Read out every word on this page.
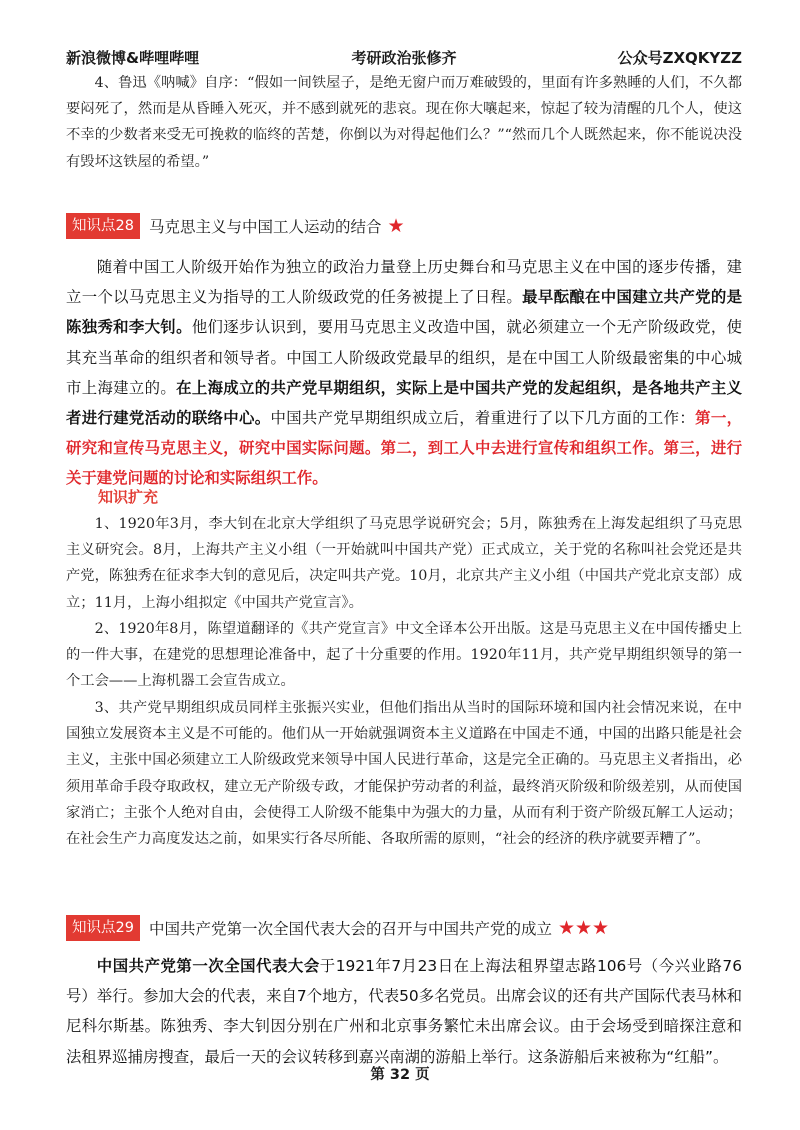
新浪微博&哔哩哔哩	考研政治张修齐	公众号ZXQKYZZ

4、鲁迅《呐喊》自序：“假如一间铁屋子，是绝无窗户而万难破毁的，里面有许多熟睡的人们，不久都要闷死了，然而是从昏睡入死灭，并不感到就死的悲哀。现在你大嚷起来，惊起了较为清醒的几个人，使这不幸的少数者来受无可挽救的临终的苦楚，你倒以为对得起他们么？”“然而几个人既然起来，你不能说决没有毁坏这铁屋的希望。”

知识点28 马克思主义与中国工人运动的结合 ★

随着中国工人阶级开始作为独立的政治力量登上历史舞台和马克思主义在中国的逐步传播，建立一个以马克思主义为指导的工人阶级政党的任务被提上了日程。最早酝酿在中国建立共产党的是陈独秀和李大钊。他们逐步认识到，要用马克思主义改造中国，就必须建立一个无产阶级政党，使其充当革命的组织者和领导者。中国工人阶级政党最早的组织，是在中国工人阶级最密集的中心城市上海建立的。在上海成立的共产党早期组织，实际上是中国共产党的发起组织，是各地共产主义者进行建党活动的联络中心。中国共产党早期组织成立后，着重进行了以下几方面的工作：第一，研究和宣传马克思主义，研究中国实际问题。第二，到工人中去进行宣传和组织工作。第三，进行关于建党问题的讨论和实际组织工作。

知识扩充

1、1920年3月，李大钊在北京大学组织了马克思学说研究会；5月，陈独秀在上海发起组织了马克思主义研究会。8月，上海共产主义小组（一开始就叫中国共产党）正式成立，关于党的名称叫社会党还是共产党，陈独秀在征求李大钊的意见后，决定叫共产党。10月，北京共产主义小组（中国共产党北京支部）成立；11月，上海小组拟定《中国共产党宣言》。

2、1920年8月，陈望道翻译的《共产党宣言》中文全译本公开出版。这是马克思主义在中国传播史上的一件大事，在建党的思想理论准备中，起了十分重要的作用。1920年11月，共产党早期组织领导的第一个工会——上海机器工会宣告成立。

3、共产党早期组织成员同样主张振兴实业，但他们指出从当时的国际环境和国内社会情况来说，在中国独立发展资本主义是不可能的。他们从一开始就强调资本主义道路在中国走不通，中国的出路只能是社会主义，主张中国必须建立工人阶级政党来领导中国人民进行革命，这是完全正确的。马克思主义者指出，必须用革命手段夺取政权，建立无产阶级专政，才能保护劳动者的利益，最终消灭阶级和阶级差别，从而使国家消亡；主张个人绝对自由，会使得工人阶级不能集中为强大的力量，从而有利于资产阶级瓦解工人运动；在社会生产力高度发达之前，如果实行各尽所能、各取所需的原则，“社会的经济的秩序就要弄糟了”。

知识点29 中国共产党第一次全国代表大会的召开与中国共产党的成立 ★★★

中国共产党第一次全国代表大会于1921年7月23日在上海法租界望志路106号（今兴业路76号）举行。参加大会的代表，来自7个地方，代表50多名党员。出席会议的还有共产国际代表马林和尼科尔斯基。陈独秀、李大钊因分别在广州和北京事务繁忙未出席会议。由于会场受到暗探注意和法租界巡捕房搜查，最后一天的会议转移到嘉兴南湖的游船上举行。这条游船后来被称为“红船”。

第 32 页
